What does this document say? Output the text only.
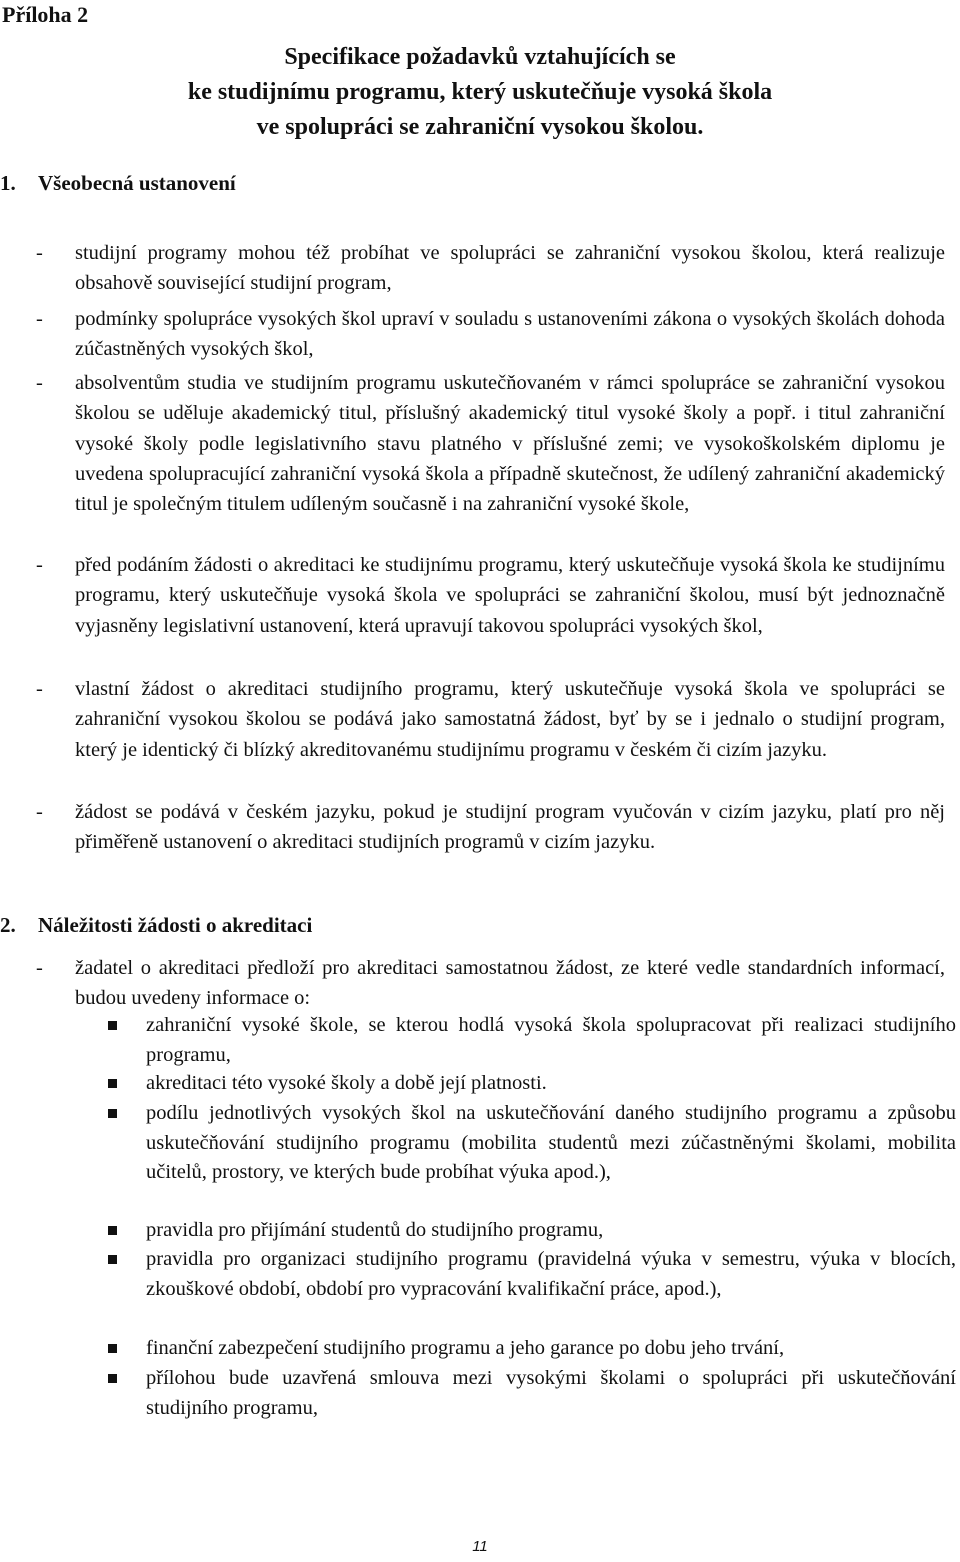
Příloha 2

Specifikace požadavků vztahujících se
ke studijnímu programu, který uskutečňuje vysoká škola
ve spolupráci se zahraniční vysokou školou.
1. Všeobecná ustanovení
- studijní programy mohou též probíhat ve spolupráci se zahraniční vysokou školou, která realizuje obsahově související studijní program,
- podmínky spolupráce vysokých škol upraví v souladu s ustanoveními zákona o vysokých školách dohoda zúčastněných vysokých škol,
- absolventům studia ve studijním programu uskutečňovaném v rámci spolupráce se zahraniční vysokou školou se uděluje akademický titul, příslušný akademický titul vysoké školy a popř. i titul zahraniční vysoké školy podle legislativního stavu platného v příslušné zemi; ve vysokoškolském diplomu je uvedena spolupracující zahraniční vysoká škola a případně skutečnost, že udílený zahraniční akademický titul je společným titulem udíleným současně i na zahraniční vysoké škole,
- před podáním žádosti o akreditaci ke studijnímu programu, který uskutečňuje vysoká škola ke studijnímu programu, který uskutečňuje vysoká škola ve spolupráci se zahraniční školou, musí být jednoznačně vyjasněny legislativní ustanovení, která upravují takovou spolupráci vysokých škol,
- vlastní žádost o akreditaci studijního programu, který uskutečňuje vysoká škola ve spolupráci se zahraniční vysokou školou se podává jako samostatná žádost, byť by se i jednalo o studijní program, který je identický či blízký akreditovanému studijnímu programu v českém či cizím jazyku.
- žádost se podává v českém jazyku, pokud je studijní program vyučován v cizím jazyku, platí pro něj přiměřeně ustanovení o akreditaci studijních programů v cizím jazyku.
2. Náležitosti žádosti o akreditaci
- žadatel o akreditaci předloží pro akreditaci samostatnou žádost, ze které vedle standardních informací, budou uvedeny informace o:
zahraniční vysoké škole, se kterou hodlá vysoká škola spolupracovat při realizaci studijního programu,
akreditaci této vysoké školy a době její platnosti.
podílu jednotlivých vysokých škol na uskutečňování daného studijního programu a způsobu uskutečňování studijního programu (mobilita studentů mezi zúčastněnými školami, mobilita učitelů, prostory, ve kterých bude probíhat výuka apod.),
pravidla pro přijímání studentů do studijního programu,
pravidla pro organizaci studijního programu (pravidelná výuka v semestru, výuka v blocích, zkouškové období, období pro vypracování kvalifikační práce, apod.),
finanční zabezpečení studijního programu a jeho garance po dobu jeho trvání,
přílohou bude uzavřená smlouva mezi vysokými školami o spolupráci při uskutečňování studijního programu,
11
